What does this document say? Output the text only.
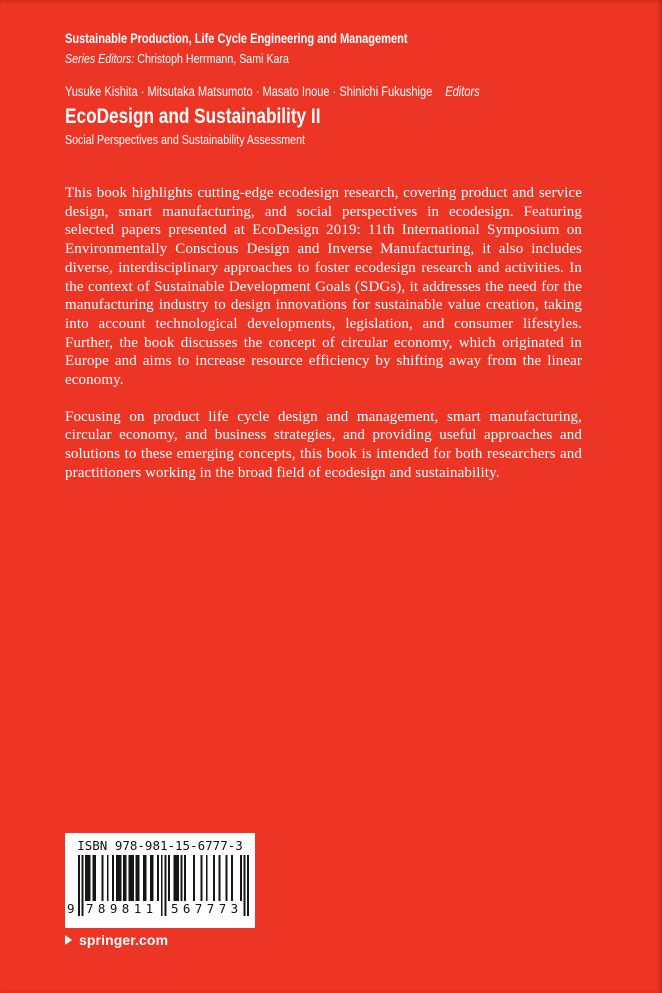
Sustainable Production, Life Cycle Engineering and Management
Series Editors: Christoph Herrmann, Sami Kara
Yusuke Kishita · Mitsutaka Matsumoto · Masato Inoue · Shinichi Fukushige Editors
EcoDesign and Sustainability II
Social Perspectives and Sustainability Assessment

This book highlights cutting-edge ecodesign research, covering product and service design, smart manufacturing, and social perspectives in ecodesign. Featuring selected papers presented at EcoDesign 2019: 11th International Symposium on Environmentally Conscious Design and Inverse Manufacturing, it also includes diverse, interdisciplinary approaches to foster ecodesign research and activities. In the context of Sustainable Development Goals (SDGs), it addresses the need for the manufacturing industry to design innovations for sustainable value creation, taking into account technological developments, legislation, and consumer lifestyles. Further, the book discusses the concept of circular economy, which originated in Europe and aims to increase resource efficiency by shifting away from the linear economy.

Focusing on product life cycle design and management, smart manufacturing, circular economy, and business strategies, and providing useful approaches and solutions to these emerging concepts, this book is intended for both researchers and practitioners working in the broad field of ecodesign and sustainability.

ISBN 978-981-15-6777-3
9 789811 567773
springer.com
